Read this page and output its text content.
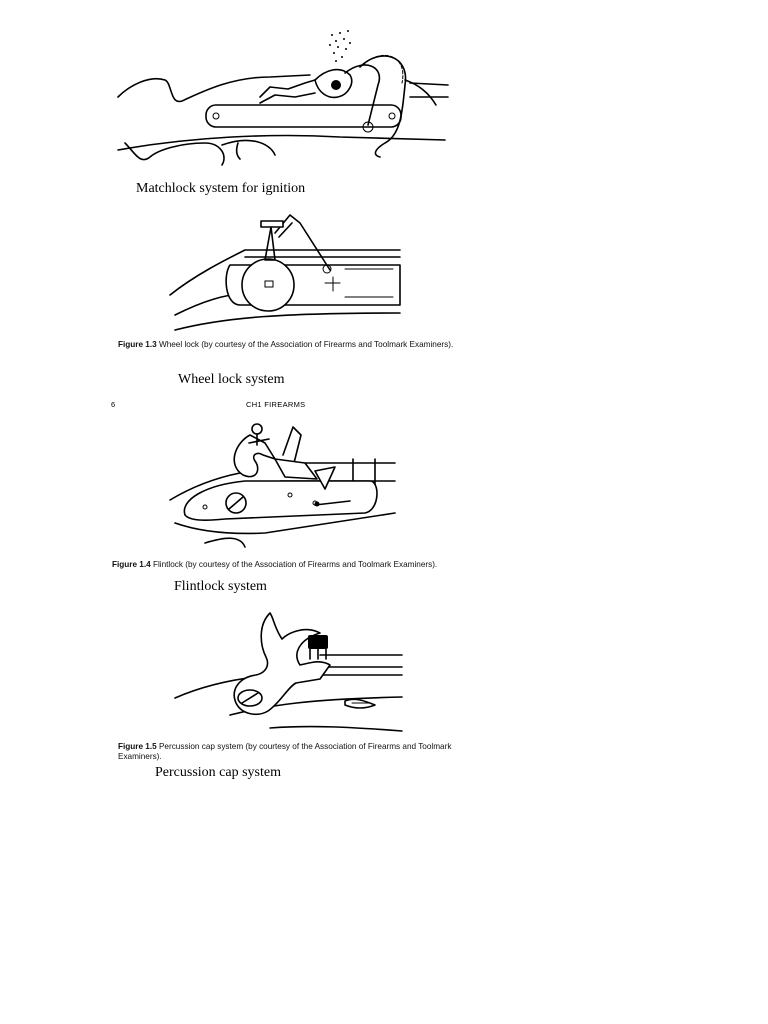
Matchlock system for ignition
Figure 1.3 Wheel lock (by courtesy of the Association of Firearms and Toolmark Examiners).
Wheel lock system
6	CH1 FIREARMS
Figure 1.4 Flintlock (by courtesy of the Association of Firearms and Toolmark Examiners).
Flintlock system
Figure 1.5 Percussion cap system (by courtesy of the Association of Firearms and Toolmark Examiners).
Percussion cap system
